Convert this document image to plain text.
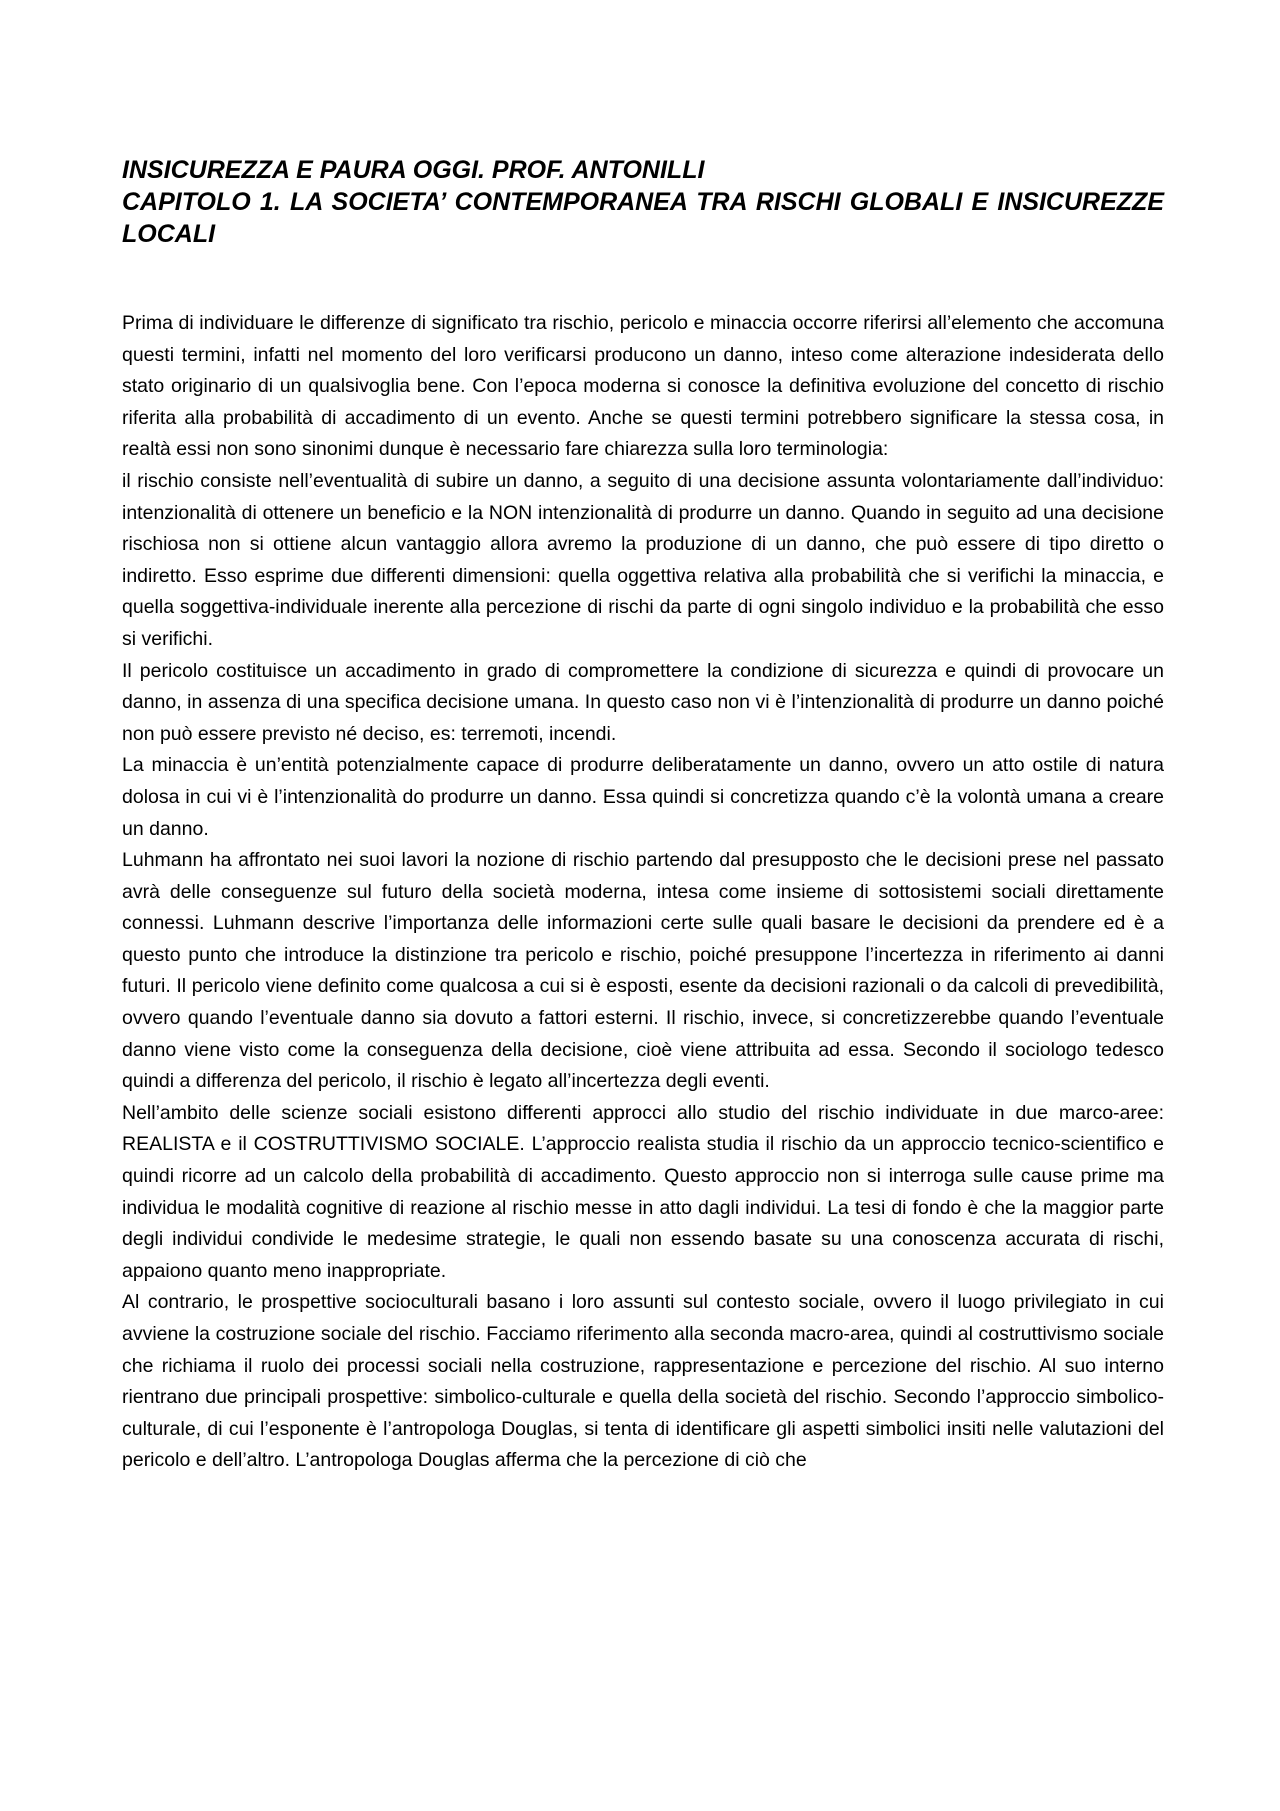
INSICUREZZA E PAURA OGGI. PROF. ANTONILLI
CAPITOLO 1. LA SOCIETA’ CONTEMPORANEA TRA RISCHI GLOBALI E INSICUREZZE LOCALI

Prima di individuare le differenze di significato tra rischio, pericolo e minaccia occorre riferirsi all’elemento che accomuna questi termini, infatti nel momento del loro verificarsi producono un danno, inteso come alterazione indesiderata dello stato originario di un qualsivoglia bene. Con l’epoca moderna si conosce la definitiva evoluzione del concetto di rischio riferita alla probabilità di accadimento di un evento. Anche se questi termini potrebbero significare la stessa cosa, in realtà essi non sono sinonimi dunque è necessario fare chiarezza sulla loro terminologia:

il rischio consiste nell’eventualità di subire un danno, a seguito di una decisione assunta volontariamente dall’individuo: intenzionalità di ottenere un beneficio e la NON intenzionalità di produrre un danno. Quando in seguito ad una decisione rischiosa non si ottiene alcun vantaggio allora avremo la produzione di un danno, che può essere di tipo diretto o indiretto. Esso esprime due differenti dimensioni: quella oggettiva relativa alla probabilità che si verifichi la minaccia, e quella soggettiva-individuale inerente alla percezione di rischi da parte di ogni singolo individuo e la probabilità che esso si verifichi.

Il pericolo costituisce un accadimento in grado di compromettere la condizione di sicurezza e quindi di provocare un danno, in assenza di una specifica decisione umana. In questo caso non vi è l’intenzionalità di produrre un danno poiché non può essere previsto né deciso, es: terremoti, incendi.

La minaccia è un’entità potenzialmente capace di produrre deliberatamente un danno, ovvero un atto ostile di natura dolosa in cui vi è l’intenzionalità do produrre un danno. Essa quindi si concretizza quando c’è la volontà umana a creare un danno.

Luhmann ha affrontato nei suoi lavori la nozione di rischio partendo dal presupposto che le decisioni prese nel passato avrà delle conseguenze sul futuro della società moderna, intesa come insieme di sottosistemi sociali direttamente connessi. Luhmann descrive l’importanza delle informazioni certe sulle quali basare le decisioni da prendere ed è a questo punto che introduce la distinzione tra pericolo e rischio, poiché presuppone l’incertezza in riferimento ai danni futuri. Il pericolo viene definito come qualcosa a cui si è esposti, esente da decisioni razionali o da calcoli di prevedibilità, ovvero quando l’eventuale danno sia dovuto a fattori esterni. Il rischio, invece, si concretizzerebbe quando l’eventuale danno viene visto come la conseguenza della decisione, cioè viene attribuita ad essa. Secondo il sociologo tedesco quindi a differenza del pericolo, il rischio è legato all’incertezza degli eventi.

Nell’ambito delle scienze sociali esistono differenti approcci allo studio del rischio individuate in due marco-aree: REALISTA e il COSTRUTTIVISMO SOCIALE. L’approccio realista studia il rischio da un approccio tecnico-scientifico e quindi ricorre ad un calcolo della probabilità di accadimento. Questo approccio non si interroga sulle cause prime ma individua le modalità cognitive di reazione al rischio messe in atto dagli individui. La tesi di fondo è che la maggior parte degli individui condivide le medesime strategie, le quali non essendo basate su una conoscenza accurata di rischi, appaiono quanto meno inappropriate.

Al contrario, le prospettive socioculturali basano i loro assunti sul contesto sociale, ovvero il luogo privilegiato in cui avviene la costruzione sociale del rischio. Facciamo riferimento alla seconda macro-area, quindi al costruttivismo sociale che richiama il ruolo dei processi sociali nella costruzione, rappresentazione e percezione del rischio. Al suo interno rientrano due principali prospettive: simbolico-culturale e quella della società del rischio. Secondo l’approccio simbolico-culturale, di cui l’esponente è l’antropologa Douglas, si tenta di identificare gli aspetti simbolici insiti nelle valutazioni del pericolo e dell’altro. L’antropologa Douglas afferma che la percezione di ciò che
